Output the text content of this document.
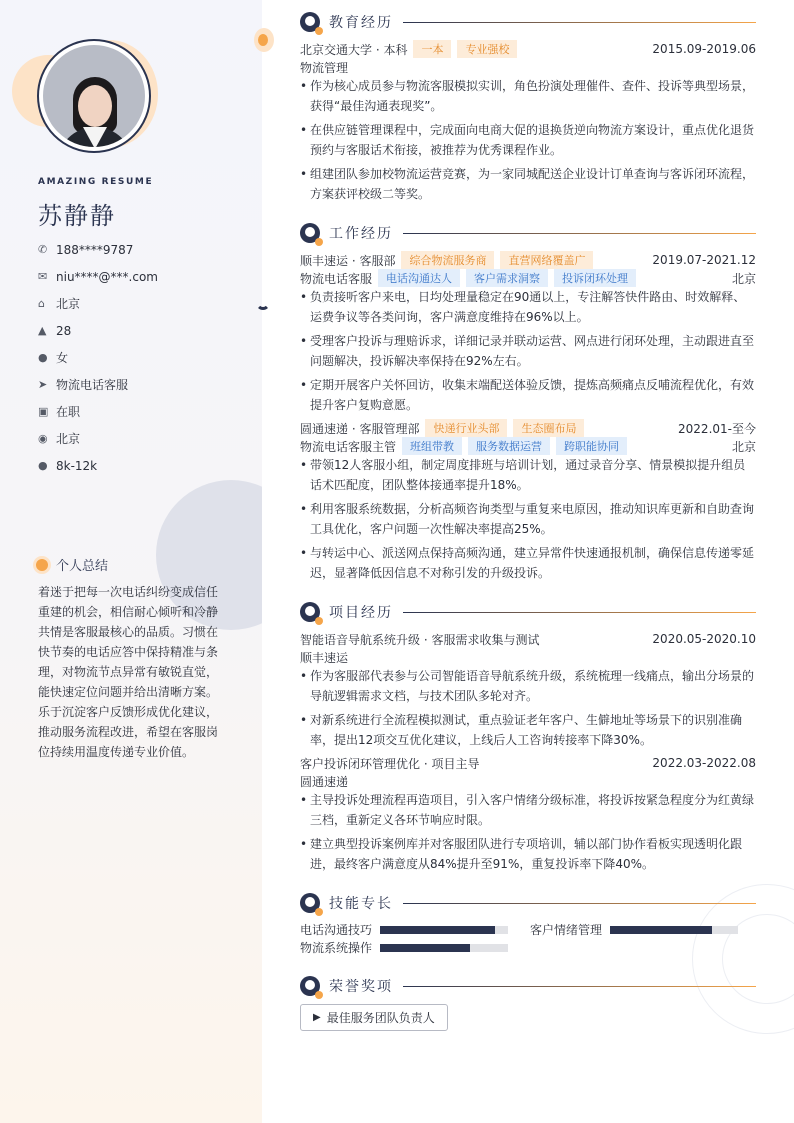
AMAZING RESUME
苏静静
✆ 188****9787
✉ niu****@***.com
⌂ 北京
▲ 28
● 女
➤ 物流电话客服
▣ 在职
◉ 北京
● 8k-12k
个人总结
着迷于把每一次电话纠纷变成信任重建的机会，相信耐心倾听和冷静共情是客服最核心的品质。习惯在快节奏的电话应答中保持精准与条理，对物流节点异常有敏锐直觉，能快速定位问题并给出清晰方案。乐于沉淀客户反馈形成优化建议，推动服务流程改进，希望在客服岗位持续用温度传递专业价值。
教育经历
北京交通大学 · 本科	一本	专业强校	2015.09-2019.06
物流管理
• 作为核心成员参与物流客服模拟实训，角色扮演处理催件、查件、投诉等典型场景，获得“最佳沟通表现奖”。
• 在供应链管理课程中，完成面向电商大促的退换货逆向物流方案设计，重点优化退货预约与客服话术衔接，被推荐为优秀课程作业。
• 组建团队参加校物流运营竞赛，为一家同城配送企业设计订单查询与客诉闭环流程，方案获评校级二等奖。
工作经历
顺丰速运 · 客服部	综合物流服务商	直营网络覆盖广	2019.07-2021.12
物流电话客服	电话沟通达人	客户需求洞察	投诉闭环处理	北京
• 负责接听客户来电，日均处理量稳定在90通以上，专注解答快件路由、时效解释、运费争议等各类问询，客户满意度维持在96%以上。
• 受理客户投诉与理赔诉求，详细记录并联动运营、网点进行闭环处理，主动跟进直至问题解决，投诉解决率保持在92%左右。
• 定期开展客户关怀回访，收集末端配送体验反馈，提炼高频痛点反哺流程优化，有效提升客户复购意愿。
圆通速递 · 客服管理部	快递行业头部	生态圈布局	2022.01-至今
物流电话客服主管	班组带教	服务数据运营	跨职能协同	北京
• 带领12人客服小组，制定周度排班与培训计划，通过录音分享、情景模拟提升组员话术匹配度，团队整体接通率提升18%。
• 利用客服系统数据，分析高频咨询类型与重复来电原因，推动知识库更新和自助查询工具优化，客户问题一次性解决率提高25%。
• 与转运中心、派送网点保持高频沟通，建立异常件快速通报机制，确保信息传递零延迟，显著降低因信息不对称引发的升级投诉。
项目经历
智能语音导航系统升级 · 客服需求收集与测试	2020.05-2020.10
顺丰速运
• 作为客服部代表参与公司智能语音导航系统升级，系统梳理一线痛点，输出分场景的导航逻辑需求文档，与技术团队多轮对齐。
• 对新系统进行全流程模拟测试，重点验证老年客户、生僻地址等场景下的识别准确率，提出12项交互优化建议，上线后人工咨询转接率下降30%。
客户投诉闭环管理优化 · 项目主导	2022.03-2022.08
圆通速递
• 主导投诉处理流程再造项目，引入客户情绪分级标准，将投诉按紧急程度分为红黄绿三档，重新定义各环节响应时限。
• 建立典型投诉案例库并对客服团队进行专项培训，辅以部门协作看板实现透明化跟进，最终客户满意度从84%提升至91%，重复投诉率下降40%。
技能专长
电话沟通技巧	客户情绪管理
物流系统操作
荣誉奖项
▶ 最佳服务团队负责人
